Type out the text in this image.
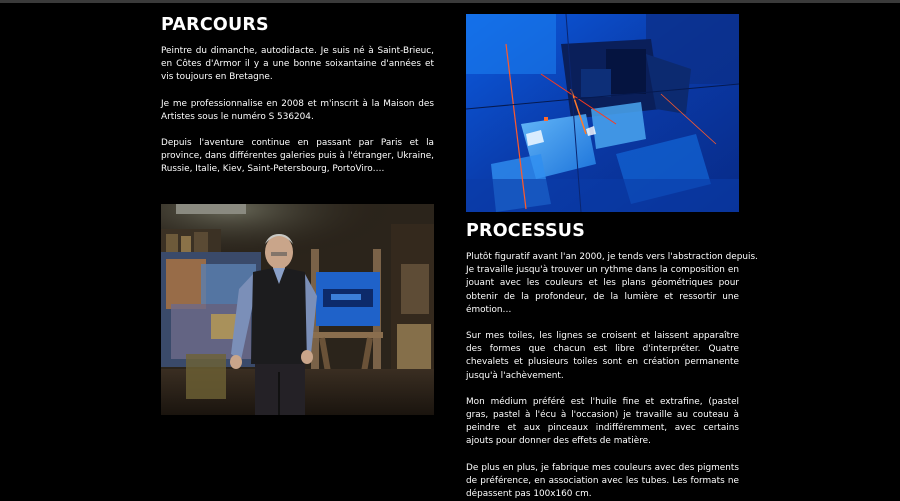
PARCOURS

Peintre du dimanche, autodidacte. Je suis né à Saint-Brieuc, en Côtes d'Armor il y a une bonne soixantaine d'années et vis toujours en Bretagne.

Je me professionnalise en 2008 et m'inscrit à la Maison des Artistes sous le numéro S 536204.

Depuis l'aventure continue en passant par Paris et la province, dans différentes galeries puis à l'étranger, Ukraine, Russie, Italie, Kiev, Saint-Petersbourg, PortoViro….

PROCESSUS

Plutôt figuratif avant l'an 2000, je tends vers l'abstraction depuis.

Je travaille jusqu'à trouver un rythme dans la composition en jouant avec les couleurs et les plans géométriques pour obtenir de la profondeur, de la lumière et ressortir une émotion…

Sur mes toiles, les lignes se croisent et laissent apparaître des formes que chacun est libre d'interpréter. Quatre chevalets et plusieurs toiles sont en création permanente jusqu'à l'achèvement.

Mon médium préféré est l'huile fine et extrafine, (pastel gras, pastel à l'écu à l'occasion) je travaille au couteau à peindre et aux pinceaux indifféremment, avec certains ajouts pour donner des effets de matière.

De plus en plus, je fabrique mes couleurs avec des pigments de préférence, en association avec les tubes. Les formats ne dépassent pas 100x160 cm.
